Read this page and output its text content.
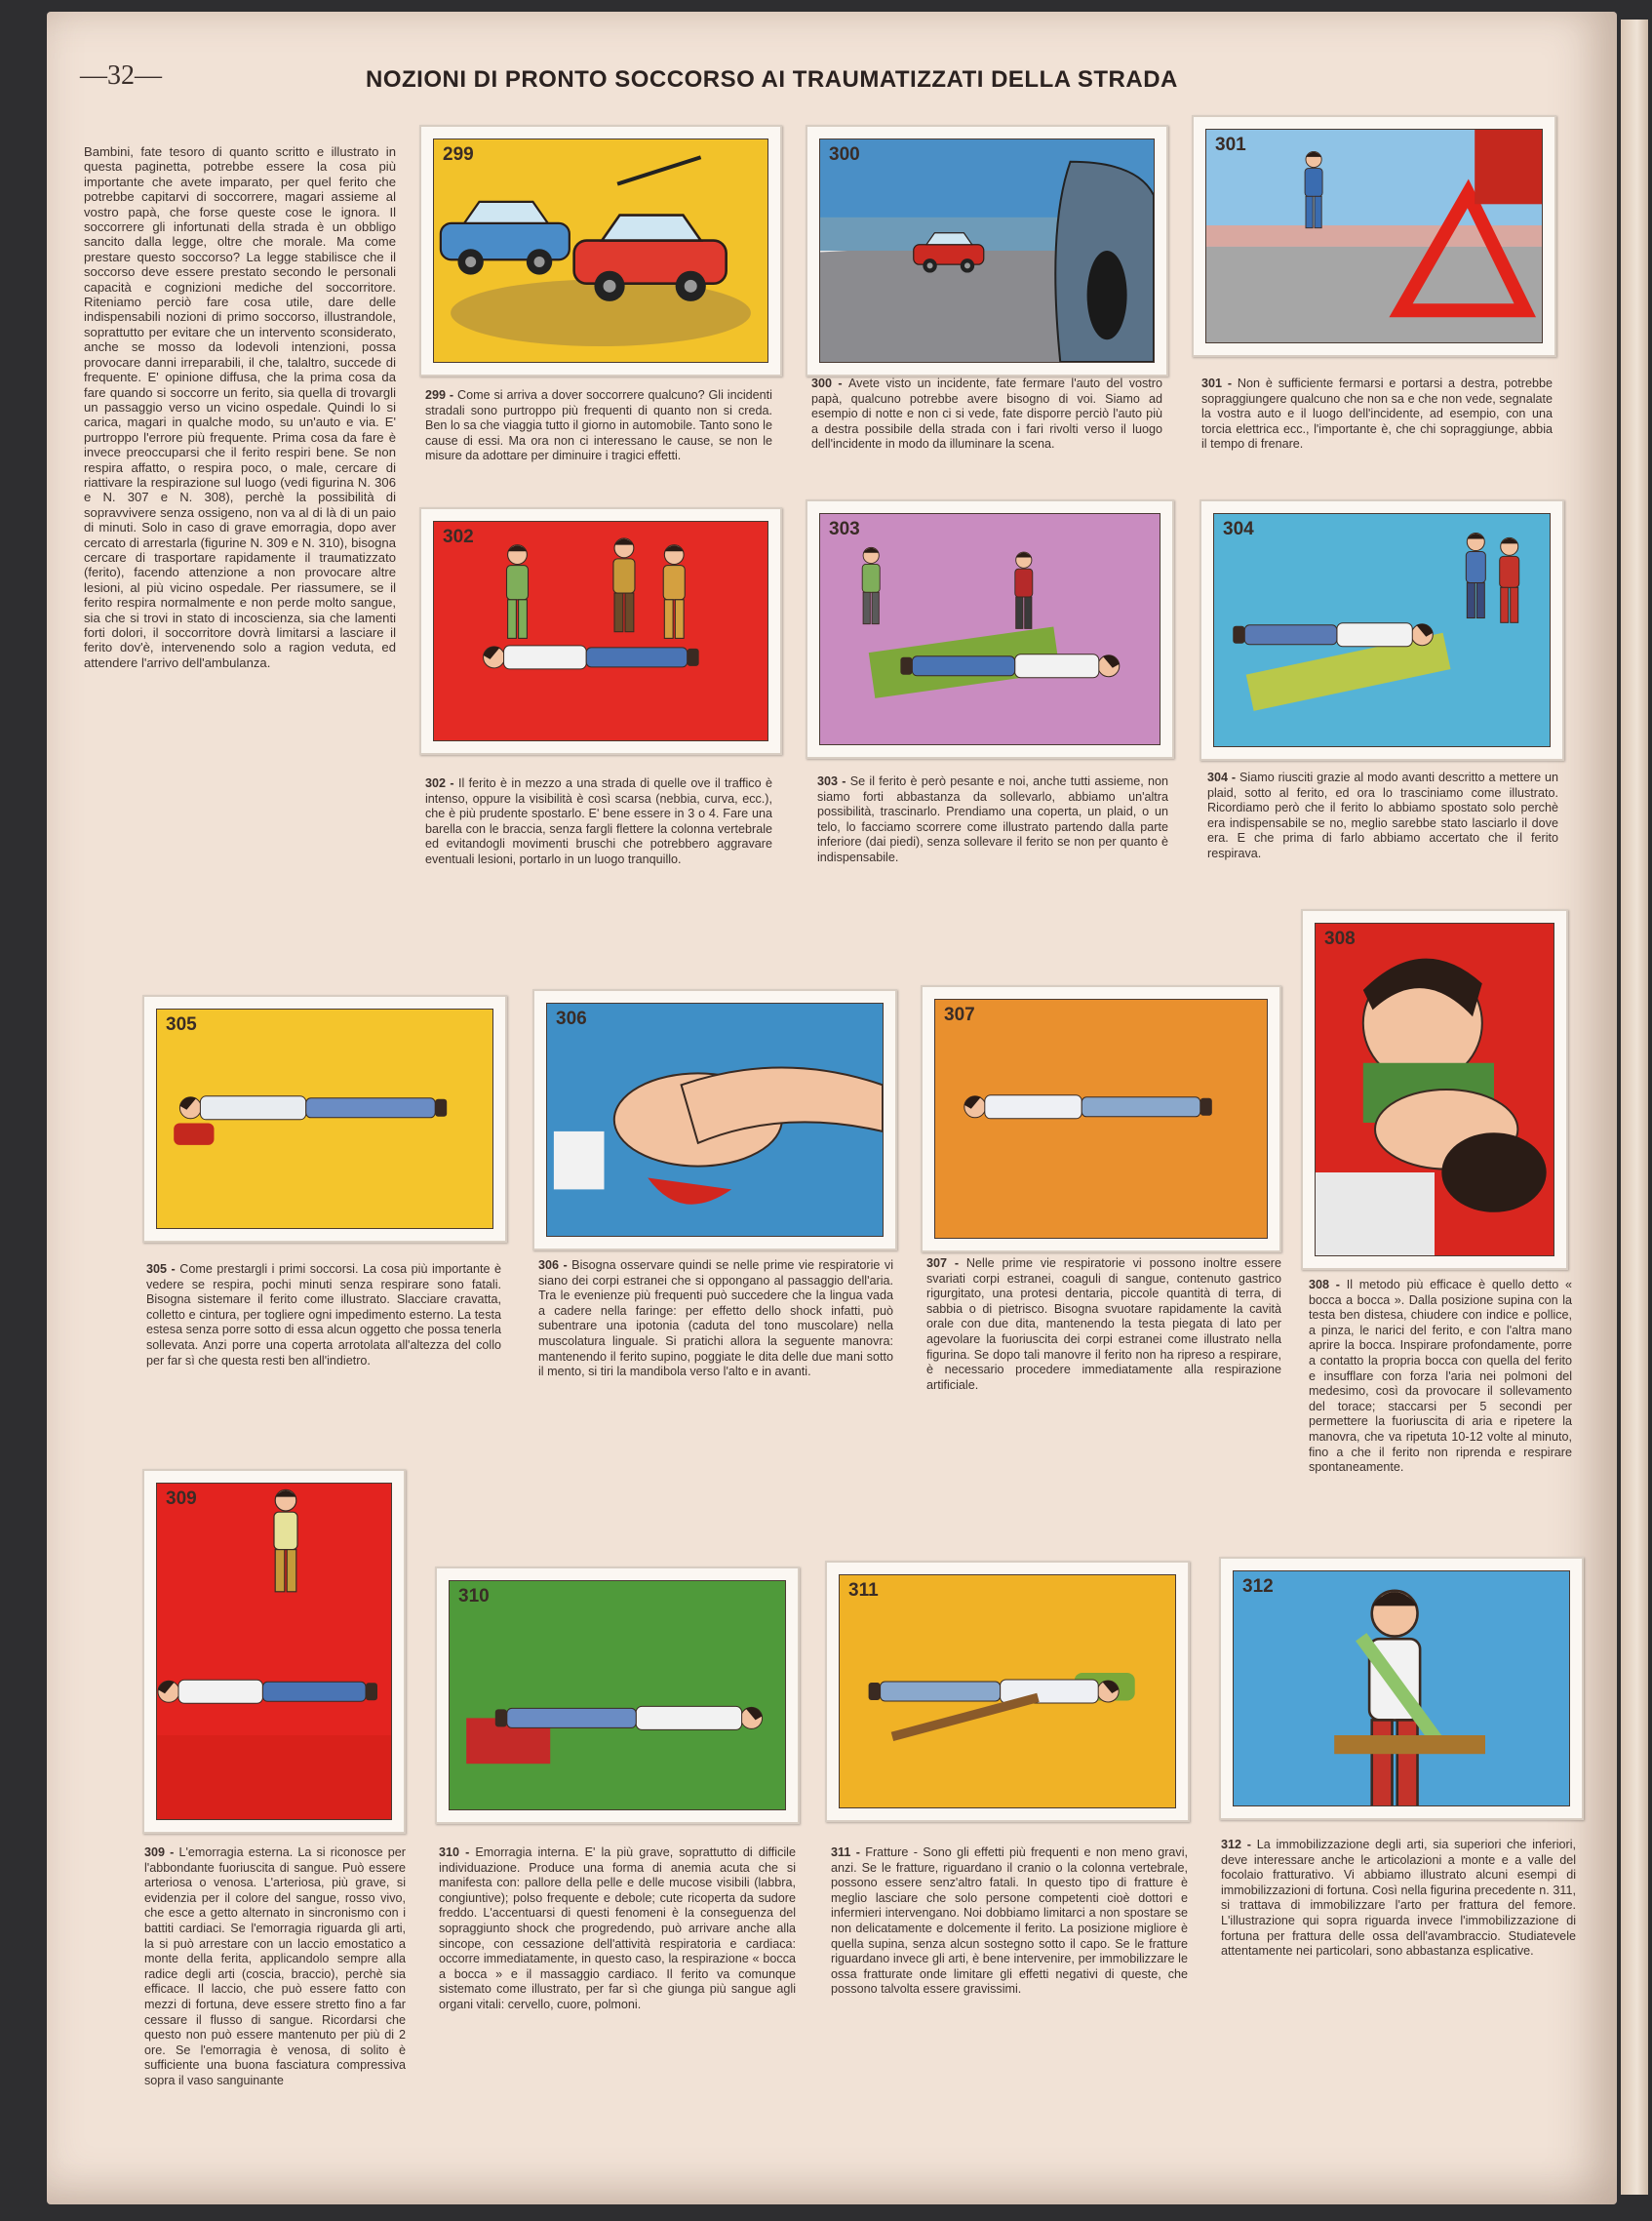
—32—	NOZIONI DI PRONTO SOCCORSO AI TRAUMATIZZATI DELLA STRADA
Bambini, fate tesoro di quanto scritto e illustrato in questa paginetta, potrebbe essere la cosa più importante che avete imparato, per quel ferito che potrebbe capitarvi di soccorrere, magari assieme al vostro papà, che forse queste cose le ignora. Il soccorrere gli infortunati della strada è un obbligo sancito dalla legge, oltre che morale. Ma come prestare questo soccorso? La legge stabilisce che il soccorso deve essere prestato secondo le personali capacità e cognizioni mediche del soccorritore. Riteniamo perciò fare cosa utile, dare delle indispensabili nozioni di primo soccorso, illustrandole, soprattutto per evitare che un intervento sconsiderato, anche se mosso da lodevoli intenzioni, possa provocare danni irreparabili, il che, talaltro, succede di frequente. E' opinione diffusa, che la prima cosa da fare quando si soccorre un ferito, sia quella di trovargli un passaggio verso un vicino ospedale. Quindi lo si carica, magari in qualche modo, su un'auto e via. E' purtroppo l'errore più frequente. Prima cosa da fare è invece preoccuparsi che il ferito respiri bene. Se non respira affatto, o respira poco, o male, cercare di riattivare la respirazione sul luogo (vedi figurina N. 306 e N. 307 e N. 308), perchè la possibilità di sopravvivere senza ossigeno, non va al di là di un paio di minuti. Solo in caso di grave emorragia, dopo aver cercato di arrestarla (figurine N. 309 e N. 310), bisogna cercare di trasportare rapidamente il traumatizzato (ferito), facendo attenzione a non provocare altre lesioni, al più vicino ospedale. Per riassumere, se il ferito respira normalmente e non perde molto sangue, sia che si trovi in stato di incoscienza, sia che lamenti forti dolori, il soccorritore dovrà limitarsi a lasciare il ferito dov'è, intervenendo solo a ragion veduta, ed attendere l'arrivo dell'ambulanza.
299
299 - Come si arriva a dover soccorrere qualcuno? Gli incidenti stradali sono purtroppo più frequenti di quanto non si creda. Ben lo sa che viaggia tutto il giorno in automobile. Tanto sono le cause di essi. Ma ora non ci interessano le cause, se non le misure da adottare per diminuire i tragici effetti.
300
300 - Avete visto un incidente, fate fermare l'auto del vostro papà, qualcuno potrebbe avere bisogno di voi. Siamo ad esempio di notte e non ci si vede, fate disporre perciò l'auto più a destra possibile della strada con i fari rivolti verso il luogo dell'incidente in modo da illuminare la scena.
301
301 - Non è sufficiente fermarsi e portarsi a destra, potrebbe sopraggiungere qualcuno che non sa e che non vede, segnalate la vostra auto e il luogo dell'incidente, ad esempio, con una torcia elettrica ecc., l'importante è, che chi sopraggiunge, abbia il tempo di frenare.
302
302 - Il ferito è in mezzo a una strada di quelle ove il traffico è intenso, oppure la visibilità è così scarsa (nebbia, curva, ecc.), che è più prudente spostarlo. E' bene essere in 3 o 4. Fare una barella con le braccia, senza fargli flettere la colonna vertebrale ed evitandogli movimenti bruschi che potrebbero aggravare eventuali lesioni, portarlo in un luogo tranquillo.
303
303 - Se il ferito è però pesante e noi, anche tutti assieme, non siamo forti abbastanza da sollevarlo, abbiamo un'altra possibilità, trascinarlo. Prendiamo una coperta, un plaid, o un telo, lo facciamo scorrere come illustrato partendo dalla parte inferiore (dai piedi), senza sollevare il ferito se non per quanto è indispensabile.
304
304 - Siamo riusciti grazie al modo avanti descritto a mettere un plaid, sotto al ferito, ed ora lo trasciniamo come illustrato. Ricordiamo però che il ferito lo abbiamo spostato solo perchè era indispensabile se no, meglio sarebbe stato lasciarlo il dove era. E che prima di farlo abbiamo accertato che il ferito respirava.
305
305 - Come prestargli i primi soccorsi. La cosa più importante è vedere se respira, pochi minuti senza respirare sono fatali. Bisogna sistemare il ferito come illustrato. Slacciare cravatta, colletto e cintura, per togliere ogni impedimento esterno. La testa estesa senza porre sotto di essa alcun oggetto che possa tenerla sollevata. Anzi porre una coperta arrotolata all'altezza del collo per far sì che questa resti ben all'indietro.
306
306 - Bisogna osservare quindi se nelle prime vie respiratorie vi siano dei corpi estranei che si oppongano al passaggio dell'aria. Tra le evenienze più frequenti può succedere che la lingua vada a cadere nella faringe: per effetto dello shock infatti, può subentrare una ipotonia (caduta del tono muscolare) nella muscolatura linguale. Si pratichi allora la seguente manovra: mantenendo il ferito supino, poggiate le dita delle due mani sotto il mento, si tiri la mandibola verso l'alto e in avanti.
307
307 - Nelle prime vie respiratorie vi possono inoltre essere svariati corpi estranei, coaguli di sangue, contenuto gastrico rigurgitato, una protesi dentaria, piccole quantità di terra, di sabbia o di pietrisco. Bisogna svuotare rapidamente la cavità orale con due dita, mantenendo la testa piegata di lato per agevolare la fuoriuscita dei corpi estranei come illustrato nella figurina. Se dopo tali manovre il ferito non ha ripreso a respirare, è necessario procedere immediatamente alla respirazione artificiale.
308
308 - Il metodo più efficace è quello detto « bocca a bocca ». Dalla posizione supina con la testa ben distesa, chiudere con indice e pollice, a pinza, le narici del ferito, e con l'altra mano aprire la bocca. Inspirare profondamente, porre a contatto la propria bocca con quella del ferito e insufflare con forza l'aria nei polmoni del medesimo, così da provocare il sollevamento del torace; staccarsi per 5 secondi per permettere la fuoriuscita di aria e ripetere la manovra, che va ripetuta 10-12 volte al minuto, fino a che il ferito non riprenda e respirare spontaneamente.
309
309 - L'emorragia esterna. La si riconosce per l'abbondante fuoriuscita di sangue. Può essere arteriosa o venosa. L'arteriosa, più grave, si evidenzia per il colore del sangue, rosso vivo, che esce a getto alternato in sincronismo con i battiti cardiaci. Se l'emorragia riguarda gli arti, la si può arrestare con un laccio emostatico a monte della ferita, applicandolo sempre alla radice degli arti (coscia, braccio), perchè sia efficace. Il laccio, che può essere fatto con mezzi di fortuna, deve essere stretto fino a far cessare il flusso di sangue. Ricordarsi che questo non può essere mantenuto per più di 2 ore. Se l'emorragia è venosa, di solito è sufficiente una buona fasciatura compressiva sopra il vaso sanguinante
310
310 - Emorragia interna. E' la più grave, soprattutto di difficile individuazione. Produce una forma di anemia acuta che si manifesta con: pallore della pelle e delle mucose visibili (labbra, congiuntive); polso frequente e debole; cute ricoperta da sudore freddo. L'accentuarsi di questi fenomeni è la conseguenza del sopraggiunto shock che progredendo, può arrivare anche alla sincope, con cessazione dell'attività respiratoria e cardiaca: occorre immediatamente, in questo caso, la respirazione « bocca a bocca » e il massaggio cardiaco. Il ferito va comunque sistemato come illustrato, per far sì che giunga più sangue agli organi vitali: cervello, cuore, polmoni.
311
311 - Fratture - Sono gli effetti più frequenti e non meno gravi, anzi. Se le fratture, riguardano il cranio o la colonna vertebrale, possono essere senz'altro fatali. In questo tipo di fratture è meglio lasciare che solo persone competenti cioè dottori e infermieri intervengano. Noi dobbiamo limitarci a non spostare se non delicatamente e dolcemente il ferito. La posizione migliore è quella supina, senza alcun sostegno sotto il capo. Se le fratture riguardano invece gli arti, è bene intervenire, per immobilizzare le ossa fratturate onde limitare gli effetti negativi di queste, che possono talvolta essere gravissimi.
312
312 - La immobilizzazione degli arti, sia superiori che inferiori, deve interessare anche le articolazioni a monte e a valle del focolaio fratturativo. Vi abbiamo illustrato alcuni esempi di immobilizzazioni di fortuna. Così nella figurina precedente n. 311, si trattava di immobilizzare l'arto per frattura del femore. L'illustrazione qui sopra riguarda invece l'immobilizzazione di fortuna per frattura delle ossa dell'avambraccio. Studiatevele attentamente nei particolari, sono abbastanza esplicative.
